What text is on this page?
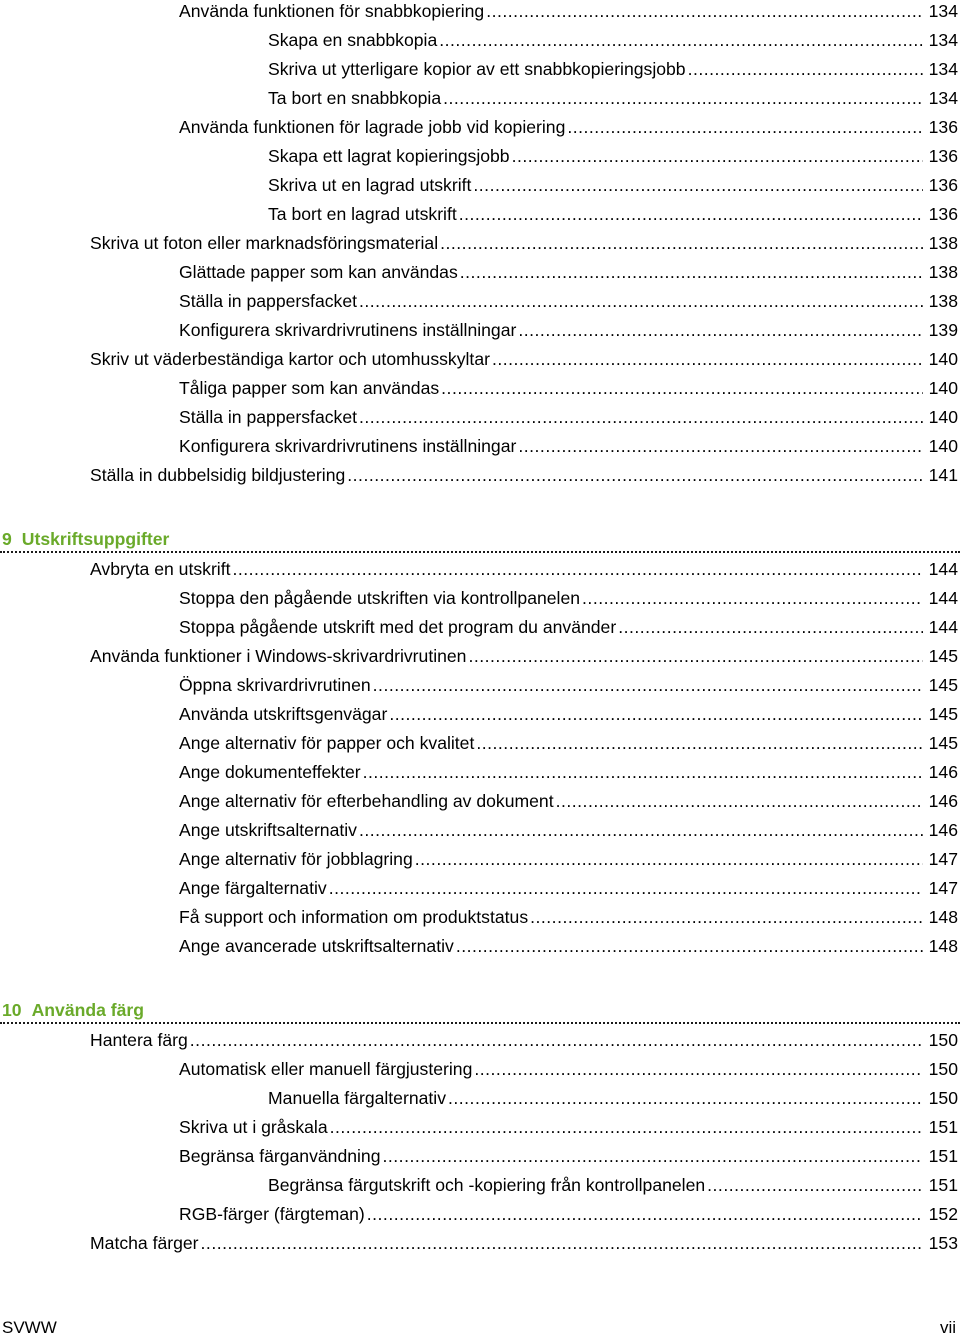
Använda funktionen för snabbkopiering .....	134
Skapa en snabbkopia .....	134
Skriva ut ytterligare kopior av ett snabbkopieringsjobb .....	134
Ta bort en snabbkopia .....	134
Använda funktionen för lagrade jobb vid kopiering .....	136
Skapa ett lagrat kopieringsjobb .....	136
Skriva ut en lagrad utskrift .....	136
Ta bort en lagrad utskrift .....	136
Skriva ut foton eller marknadsföringsmaterial .....	138
Glättade papper som kan användas .....	138
Ställa in pappersfacket .....	138
Konfigurera skrivardrivrutinens inställningar .....	139
Skriv ut väderbeständiga kartor och utomhusskyltar .....	140
Tåliga papper som kan användas .....	140
Ställa in pappersfacket .....	140
Konfigurera skrivardrivrutinens inställningar .....	140
Ställa in dubbelsidig bildjustering .....	141
9 Utskriftsuppgifter
Avbryta en utskrift .....	144
Stoppa den pågående utskriften via kontrollpanelen .....	144
Stoppa pågående utskrift med det program du använder .....	144
Använda funktioner i Windows-skrivardrivrutinen .....	145
Öppna skrivardrivrutinen .....	145
Använda utskriftsgenvägar .....	145
Ange alternativ för papper och kvalitet .....	145
Ange dokumenteffekter .....	146
Ange alternativ för efterbehandling av dokument .....	146
Ange utskriftsalternativ .....	146
Ange alternativ för jobblagring .....	147
Ange färgalternativ .....	147
Få support och information om produktstatus .....	148
Ange avancerade utskriftsalternativ .....	148
10 Använda färg
Hantera färg .....	150
Automatisk eller manuell färgjustering .....	150
Manuella färgalternativ .....	150
Skriva ut i gråskala .....	151
Begränsa färganvändning .....	151
Begränsa färgutskrift och -kopiering från kontrollpanelen .....	151
RGB-färger (färgteman) .....	152
Matcha färger .....	153
SVWW	vii
